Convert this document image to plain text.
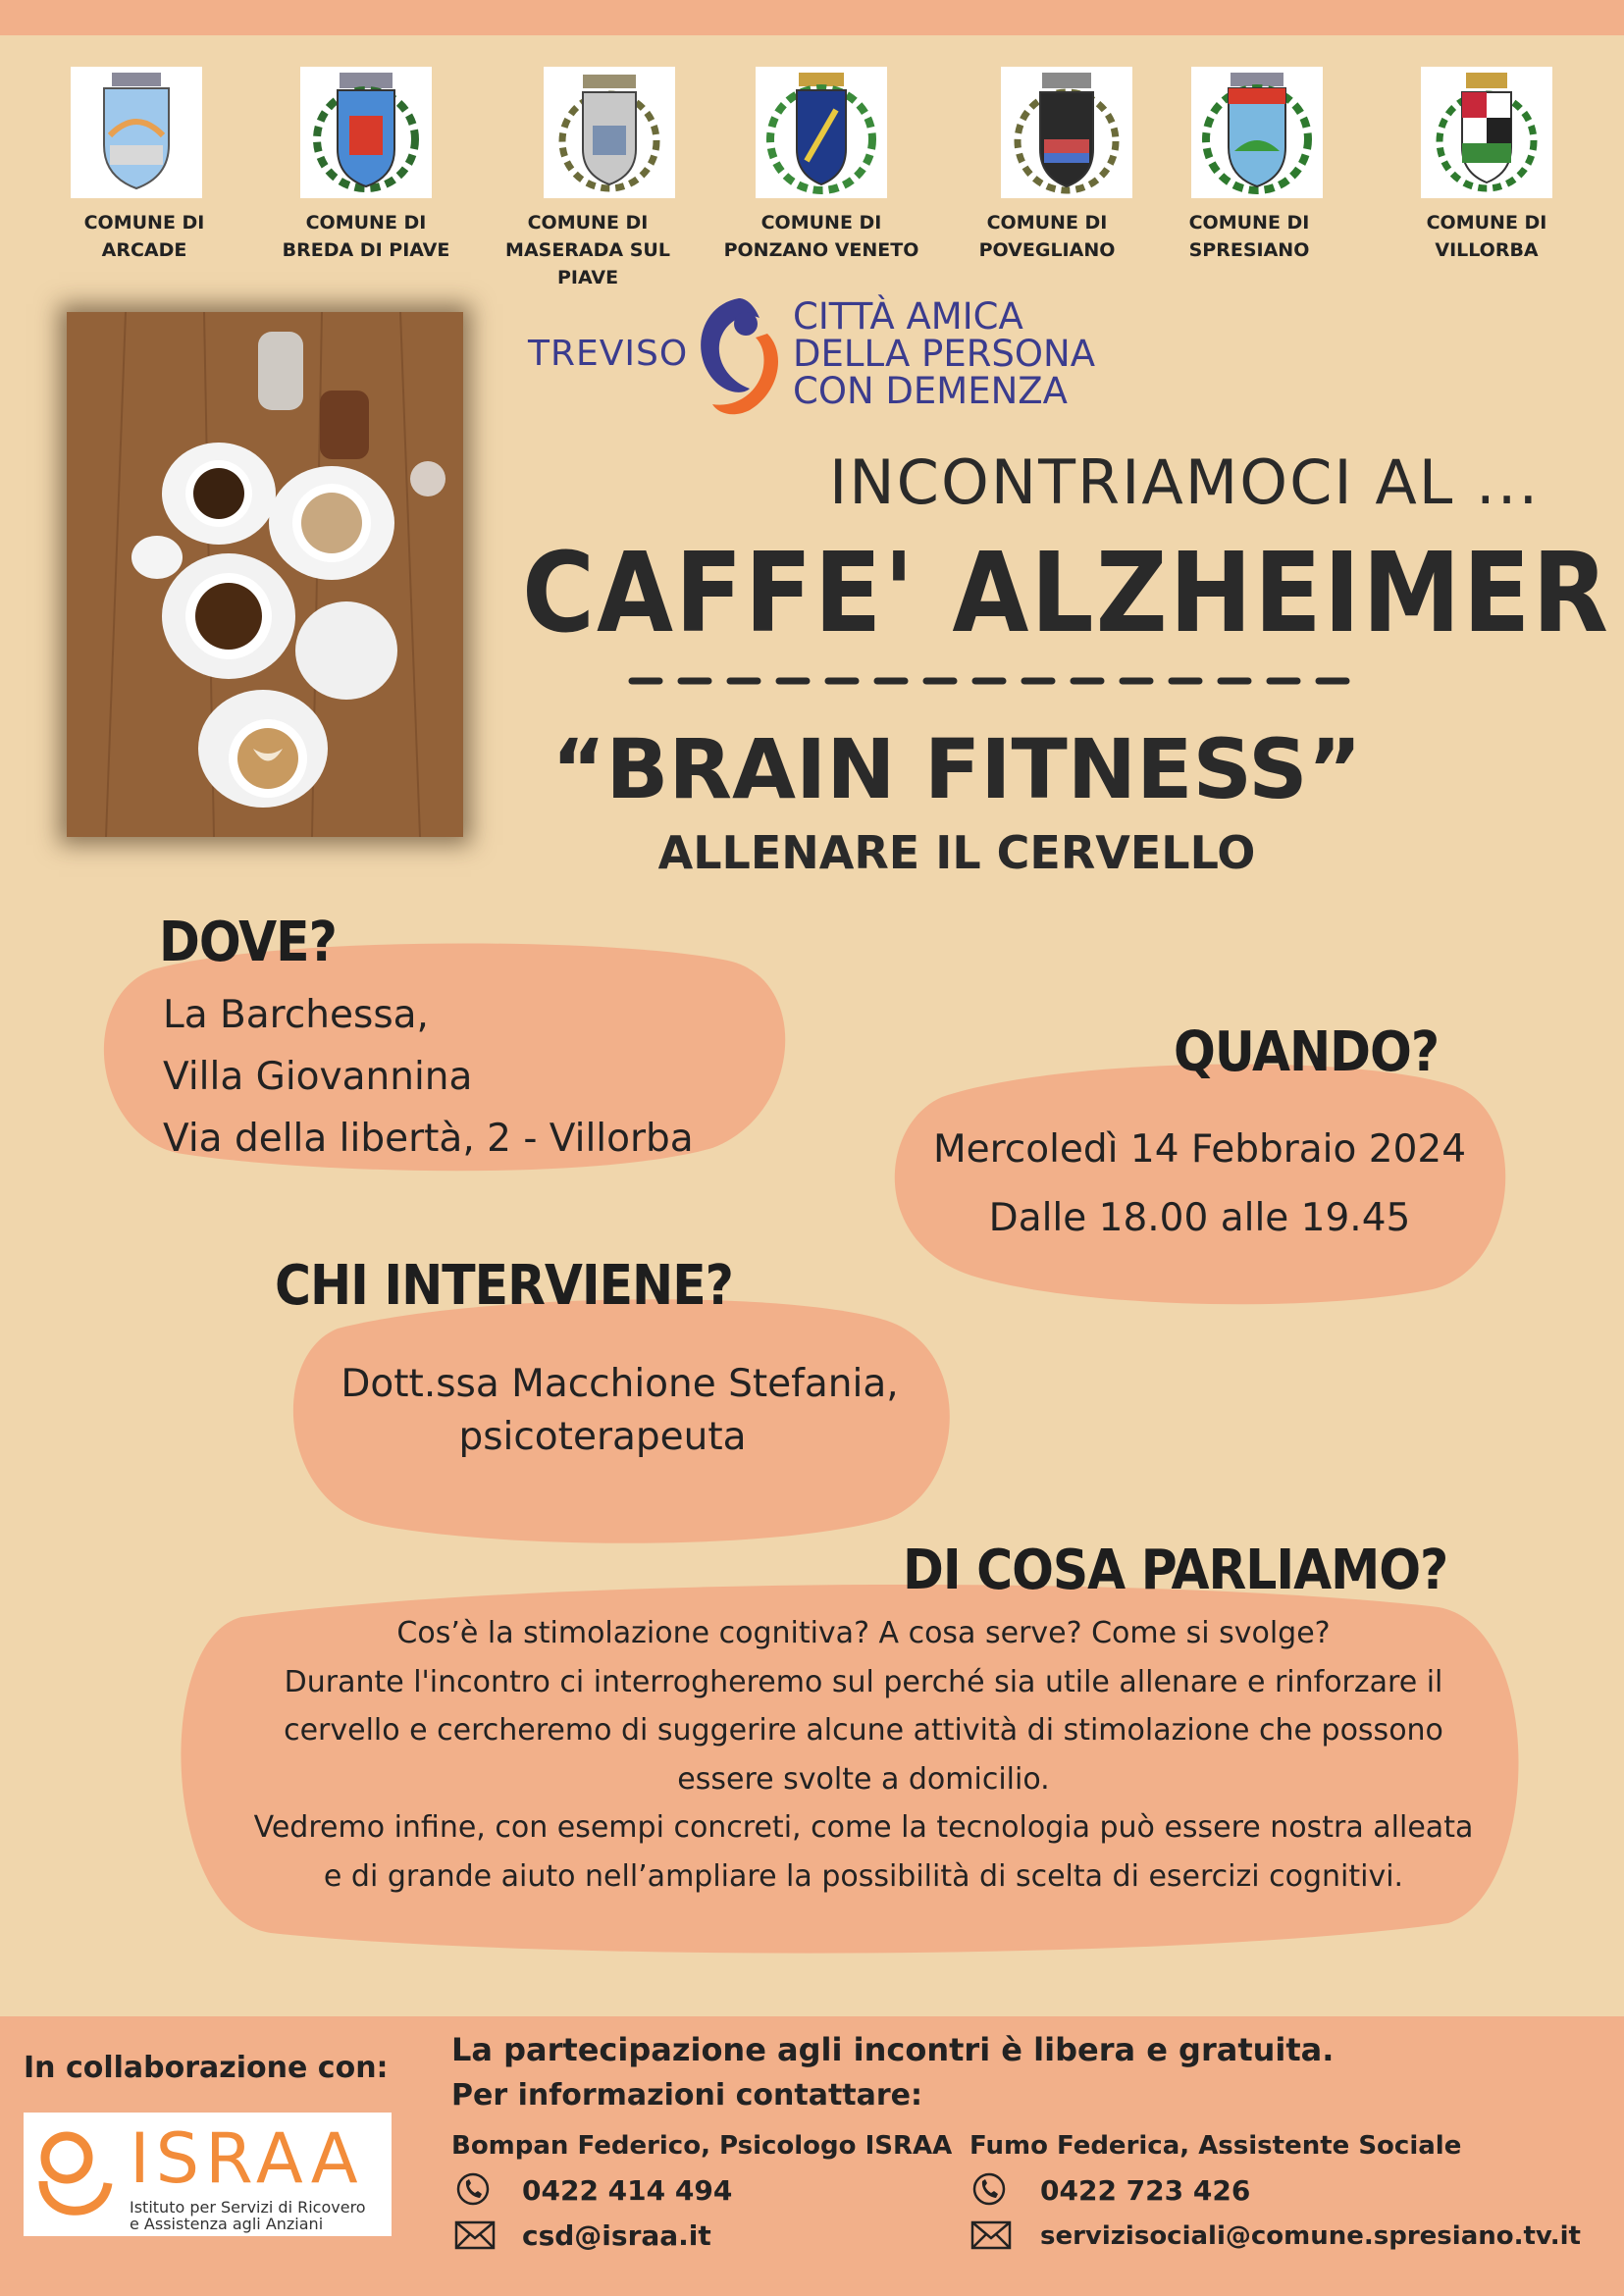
COMUNE DI
ARCADE
COMUNE DI
BREDA DI PIAVE
COMUNE DI
MASERADA SUL PIAVE
COMUNE DI
PONZANO VENETO
COMUNE DI
POVEGLIANO
COMUNE DI
SPRESIANO
COMUNE DI
VILLORBA
TREVISO
CITTÀ AMICA
DELLA PERSONA
CON DEMENZA
INCONTRIAMOCI AL ...
CAFFE' ALZHEIMER
“BRAIN FITNESS”
ALLENARE IL CERVELLO
DOVE?
La Barchessa,
Villa Giovannina
Via della libertà, 2 - Villorba
QUANDO?
Mercoledì 14 Febbraio 2024
Dalle 18.00 alle 19.45
CHI INTERVIENE?
Dott.ssa Macchione Stefania,
psicoterapeuta
DI COSA PARLIAMO?
Cos’è la stimolazione cognitiva? A cosa serve? Come si svolge?
Durante l'incontro ci interrogheremo sul perché sia utile allenare e rinforzare il
cervello e cercheremo di suggerire alcune attività di stimolazione che possono
essere svolte a domicilio.
Vedremo infine, con esempi concreti, come la tecnologia può essere nostra alleata
e di grande aiuto nell’ampliare la possibilità di scelta di esercizi cognitivi.
In collaborazione con:
ISRAA
Istituto per Servizi di Ricovero
e Assistenza agli Anziani
La partecipazione agli incontri è libera e gratuita.
Per informazioni contattare:
Bompan Federico, Psicologo ISRAA
0422 414 494
csd@israa.it
Fumo Federica, Assistente Sociale
0422 723 426
servizisociali@comune.spresiano.tv.it
